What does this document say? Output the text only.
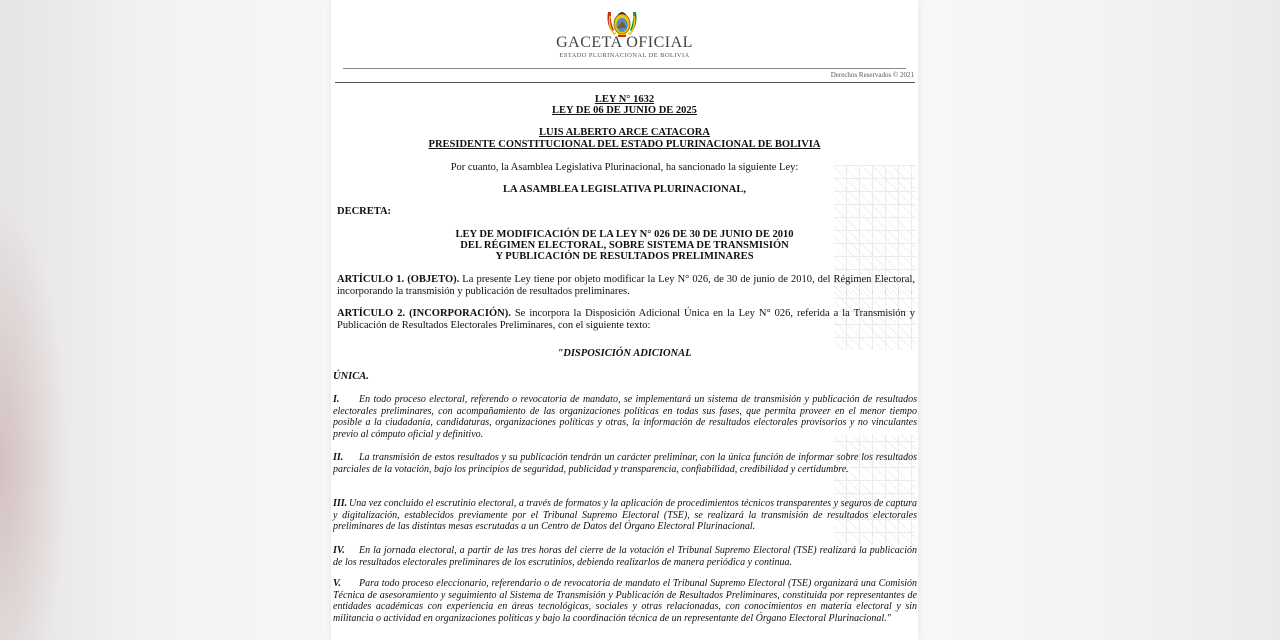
GACETA OFICIAL
ESTADO PLURINACIONAL DE BOLIVIA
Derechos Reservados © 2021
LEY N° 1632
LEY DE 06 DE JUNIO DE 2025
LUIS ALBERTO ARCE CATACORA
PRESIDENTE CONSTITUCIONAL DEL ESTADO PLURINACIONAL DE BOLIVIA
Por cuanto, la Asamblea Legislativa Plurinacional, ha sancionado la siguiente Ley:
LA ASAMBLEA LEGISLATIVA PLURINACIONAL,
DECRETA:
LEY DE MODIFICACIÓN DE LA LEY N° 026 DE 30 DE JUNIO DE 2010
DEL RÉGIMEN ELECTORAL, SOBRE SISTEMA DE TRANSMISIÓN
Y PUBLICACIÓN DE RESULTADOS PRELIMINARES
ARTÍCULO 1. (OBJETO). La presente Ley tiene por objeto modificar la Ley N° 026, de 30 de junio de 2010, del Régimen Electoral, incorporando la transmisión y publicación de resultados preliminares.
ARTÍCULO 2. (INCORPORACIÓN). Se incorpora la Disposición Adicional Única en la Ley N° 026, referida a la Transmisión y Publicación de Resultados Electorales Preliminares, con el siguiente texto:
"DISPOSICIÓN ADICIONAL
ÚNICA.
I. En todo proceso electoral, referendo o revocatoria de mandato, se implementará un sistema de transmisión y publicación de resultados electorales preliminares, con acompañamiento de las organizaciones políticas en todas sus fases, que permita proveer en el menor tiempo posible a la ciudadanía, candidaturas, organizaciones políticas y otras, la información de resultados electorales provisorios y no vinculantes previo al cómputo oficial y definitivo.
II. La transmisión de estos resultados y su publicación tendrán un carácter preliminar, con la única función de informar sobre los resultados parciales de la votación, bajo los principios de seguridad, publicidad y transparencia, confiabilidad, credibilidad y certidumbre.
III. Una vez concluido el escrutinio electoral, a través de formatos y la aplicación de procedimientos técnicos transparentes y seguros de captura y digitalización, establecidos previamente por el Tribunal Supremo Electoral (TSE), se realizará la transmisión de resultados electorales preliminares de las distintas mesas escrutadas a un Centro de Datos del Órgano Electoral Plurinacional.
IV. En la jornada electoral, a partir de las tres horas del cierre de la votación el Tribunal Supremo Electoral (TSE) realizará la publicación de los resultados electorales preliminares de los escrutinios, debiendo realizarlos de manera periódica y continua.
V. Para todo proceso eleccionario, referendario o de revocatoria de mandato el Tribunal Supremo Electoral (TSE) organizará una Comisión Técnica de asesoramiento y seguimiento al Sistema de Transmisión y Publicación de Resultados Preliminares, constituida por representantes de entidades académicas con experiencia en áreas tecnológicas, sociales y otras relacionadas, con conocimientos en materia electoral y sin militancia o actividad en organizaciones políticas y bajo la coordinación técnica de un representante del Órgano Electoral Plurinacional."
